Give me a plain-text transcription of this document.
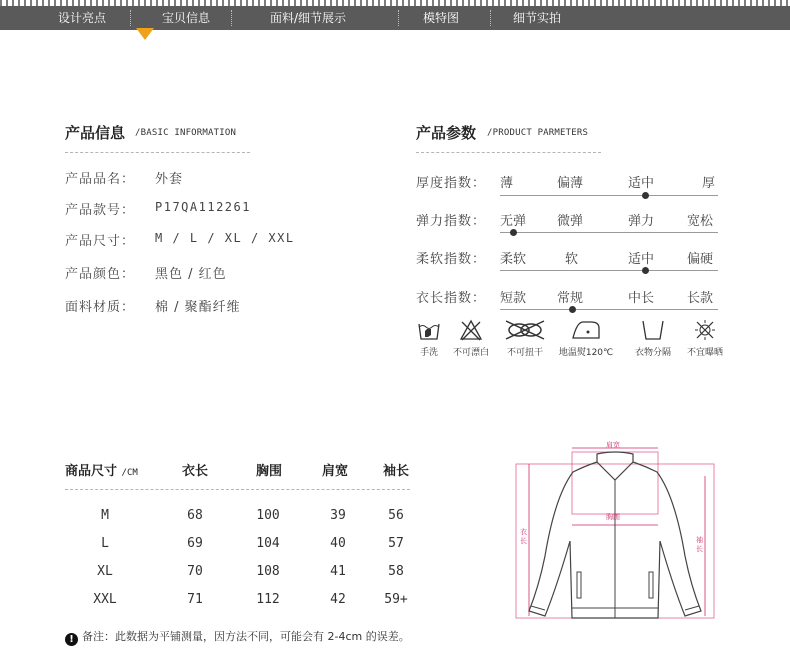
设计亮点	宝贝信息	面料/细节展示	模特图	细节实拍
产品信息 /BASIC INFORMATION
产品品名： 外套
产品款号： P17QA112261
产品尺寸： M / L / XL / XXL
产品颜色： 黑色 / 红色
面料材质： 棉 / 聚酯纤维
产品参数 /PRODUCT PARMETERS
厚度指数： 薄	偏薄	适中	厚
弹力指数： 无弹 微弹	弹力	宽松
柔软指数： 柔软	软	适中	偏硬
衣长指数： 短款 常规	中长	长款
手洗	不可漂白	不可扭干	地温熨120℃	衣物分隔	不宜曝晒
商品尺寸 /CM	衣长	胸围	肩宽	袖长
M	68	100	39	56
L	69	104	40	57
XL	70	108	41	58
XXL	71	112	42	59+
! 备注：此数据为平铺测量，因方法不同，可能会有 2-4cm 的误差。
肩宽
胸围
衣长	袖长
